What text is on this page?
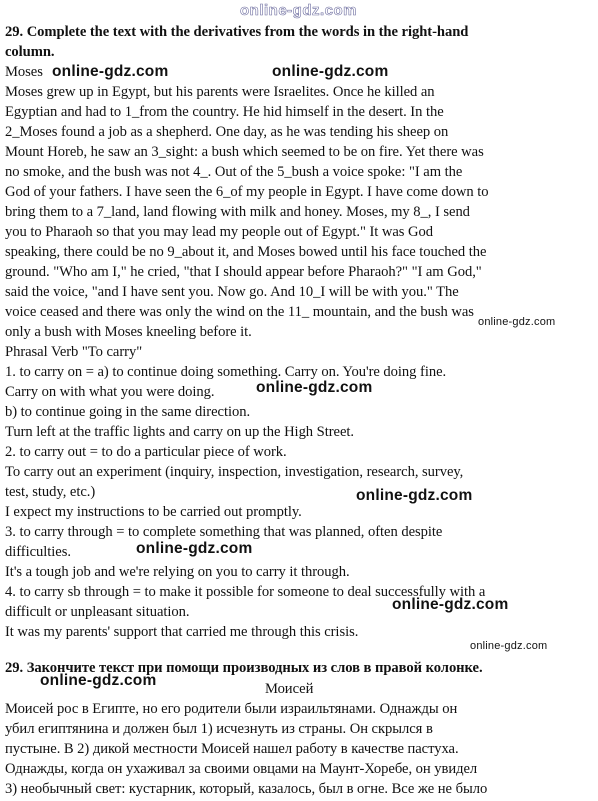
online-gdz.com

29. Complete the text with the derivatives from the words in the right-hand

column.

Moses

Moses grew up in Egypt, but his parents were Israelites. Once he killed an

Egyptian and had to 1_from the country. He hid himself in the desert. In the

2_Moses found a job as a shepherd. One day, as he was tending his sheep on

Mount Horeb, he saw an 3_sight: a bush which seemed to be on fire. Yet there was

no smoke, and the bush was not 4_. Out of the 5_bush a voice spoke: "I am the

God of your fathers. I have seen the 6_of my people in Egypt. I have come down to

bring them to a 7_land, land flowing with milk and honey. Moses, my 8_, I send

you to Pharaoh so that you may lead my people out of Egypt." It was God

speaking, there could be no 9_about it, and Moses bowed until his face touched the

ground. "Who am I," he cried, "that I should appear before Pharaoh?" "I am God,"

said the voice, "and I have sent you. Now go. And 10_I will be with you." The

voice ceased and there was only the wind on the 11_ mountain, and the bush was

only a bush with Moses kneeling before it.

Phrasal Verb "To carry"

1. to carry on = a) to continue doing something. Carry on. You're doing fine.

Carry on with what you were doing.

b) to continue going in the same direction.

Turn left at the traffic lights and carry on up the High Street.

2. to carry out = to do a particular piece of work.

To carry out an experiment (inquiry, inspection, investigation, research, survey,

test, study, etc.)

I expect my instructions to be carried out promptly.

3. to carry through = to complete something that was planned, often despite

difficulties.

It's a tough job and we're relying on you to carry it through.

4. to carry sb through = to make it possible for someone to deal successfully with a

difficult or unpleasant situation.

It was my parents' support that carried me through this crisis.

29. Закончите текст при помощи производных из слов в правой колонке.

Моисей

Моисей рос в Египте, но его родители были израильтянами. Однажды он

убил египтянина и должен был 1) исчезнуть из страны. Он скрылся в

пустыне. В 2) дикой местности Моисей нашел работу в качестве пастуха.

Однажды, когда он ухаживал за своими овцами на Маунт-Хоребе, он увидел

3) необычный свет: кустарник, который, казалось, был в огне. Все же не было

online-gdz.com	online-gdz.com
online-gdz.com
online-gdz.com
online-gdz.com
online-gdz.com
online-gdz.com
online-gdz.com
online-gdz.com
